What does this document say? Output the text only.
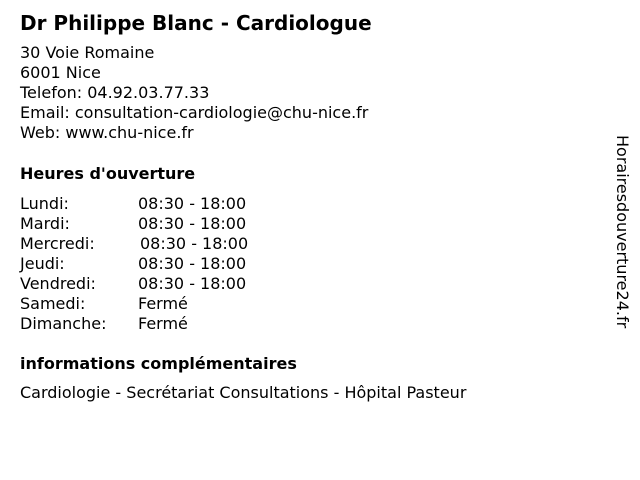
Dr Philippe Blanc - Cardiologue
30 Voie Romaine
6001 Nice
Telefon: 04.92.03.77.33
Email: consultation-cardiologie@chu-nice.fr
Web: www.chu-nice.fr
Heures d'ouverture
Lundi:	08:30 - 18:00
Mardi:	08:30 - 18:00
Mercredi:	08:30 - 18:00
Jeudi:	08:30 - 18:00
Vendredi:	08:30 - 18:00
Samedi:	Fermé
Dimanche: Fermé
informations complémentaires
Cardiologie - Secrétariat Consultations - Hôpital Pasteur
Horairesdouverture24.fr
